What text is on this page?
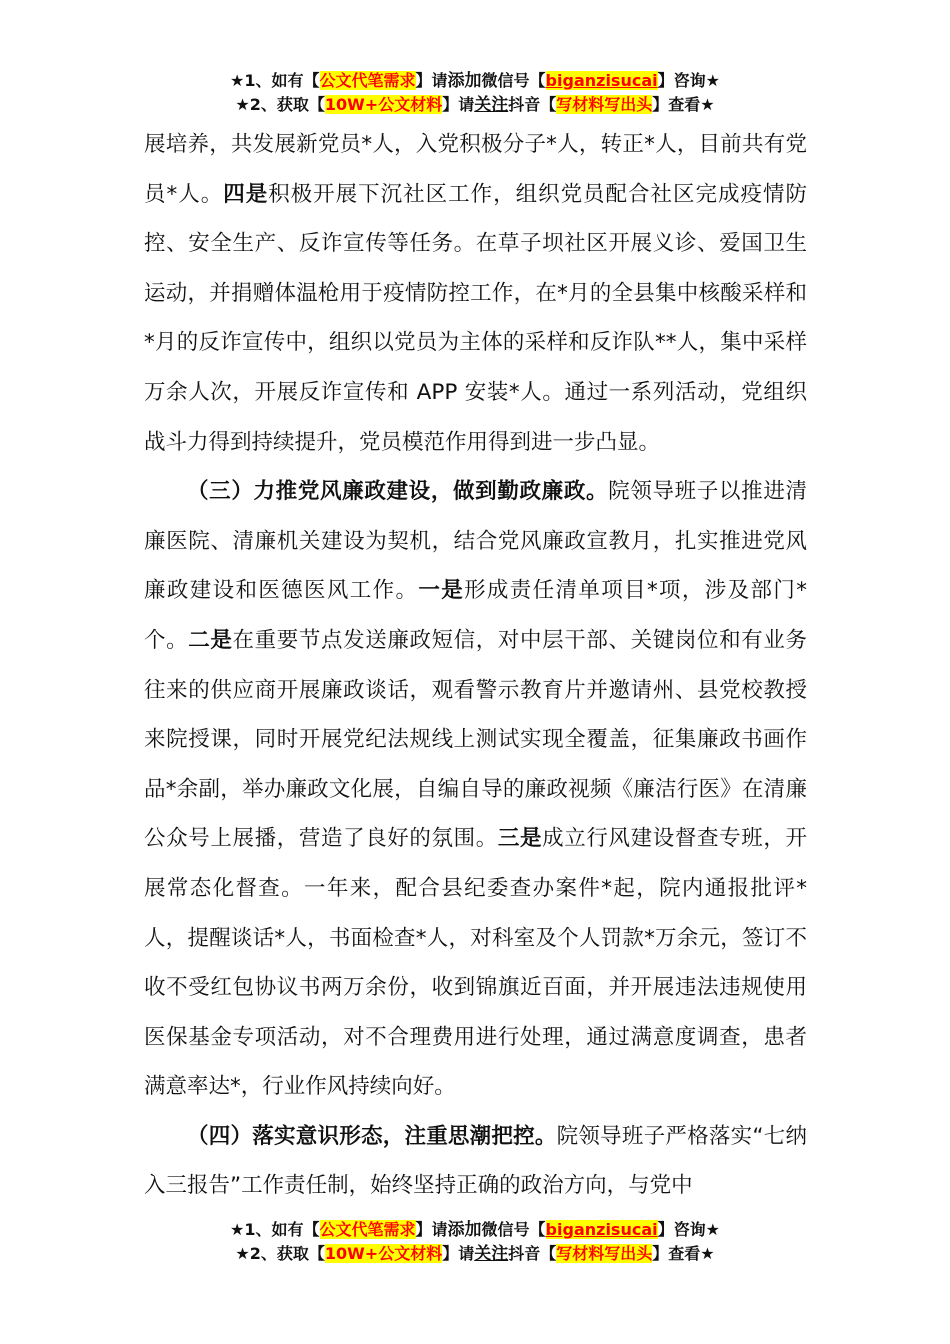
★1、如有【公文代笔需求】请添加微信号【biganzisucai】咨询★
★2、获取【10W+公文材料】请关注抖音【写材料写出头】查看★

展培养，共发展新党员*人，入党积极分子*人，转正*人，目前共有党员*人。四是积极开展下沉社区工作，组织党员配合社区完成疫情防控、安全生产、反诈宣传等任务。在草子坝社区开展义诊、爱国卫生运动，并捐赠体温枪用于疫情防控工作，在*月的全县集中核酸采样和*月的反诈宣传中，组织以党员为主体的采样和反诈队**人，集中采样万余人次，开展反诈宣传和 APP 安装*人。通过一系列活动，党组织战斗力得到持续提升，党员模范作用得到进一步凸显。

（三）力推党风廉政建设，做到勤政廉政。院领导班子以推进清廉医院、清廉机关建设为契机，结合党风廉政宣教月，扎实推进党风廉政建设和医德医风工作。一是形成责任清单项目*项，涉及部门*个。二是在重要节点发送廉政短信，对中层干部、关键岗位和有业务往来的供应商开展廉政谈话，观看警示教育片并邀请州、县党校教授来院授课，同时开展党纪法规线上测试实现全覆盖，征集廉政书画作品*余副，举办廉政文化展，自编自导的廉政视频《廉洁行医》在清廉公众号上展播，营造了良好的氛围。三是成立行风建设督查专班，开展常态化督查。一年来，配合县纪委查办案件*起，院内通报批评*人，提醒谈话*人，书面检查*人，对科室及个人罚款*万余元，签订不收不受红包协议书两万余份，收到锦旗近百面，并开展违法违规使用医保基金专项活动，对不合理费用进行处理，通过满意度调查，患者满意率达*，行业作风持续向好。

（四）落实意识形态，注重思潮把控。院领导班子严格落实“七纳入三报告”工作责任制，始终坚持正确的政治方向，与党中

★1、如有【公文代笔需求】请添加微信号【biganzisucai】咨询★
★2、获取【10W+公文材料】请关注抖音【写材料写出头】查看★
